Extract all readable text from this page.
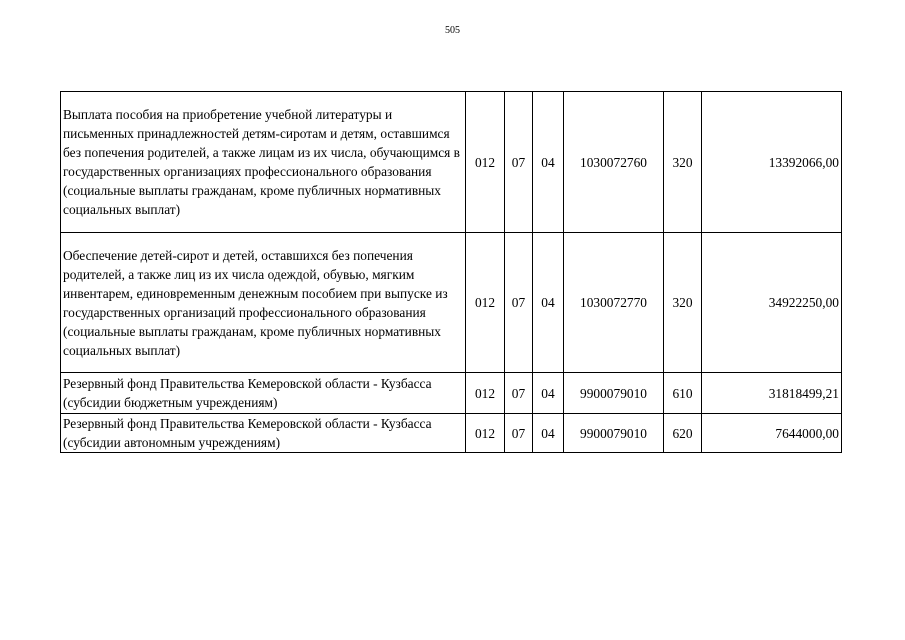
505
Выплата пособия на приобретение учебной литературы и письменных принадлежностей детям-сиротам и детям, оставшимся без попечения родителей, а также лицам из их числа, обучающимся в государственных организациях профессионального образования (социальные выплаты гражданам, кроме публичных нормативных социальных выплат)	012	07	04	1030072760	320	13392066,00
Обеспечение детей-сирот и детей, оставшихся без попечения родителей, а также лиц из их числа одеждой, обувью, мягким инвентарем, единовременным денежным пособием при выпуске из государственных организаций профессионального образования (социальные выплаты гражданам, кроме публичных нормативных социальных выплат)	012	07	04	1030072770	320	34922250,00
Резервный фонд Правительства Кемеровской области - Кузбасса (субсидии бюджетным учреждениям)	012	07	04	9900079010	610	31818499,21
Резервный фонд Правительства Кемеровской области - Кузбасса (субсидии автономным учреждениям)	012	07	04	9900079010	620	7644000,00
